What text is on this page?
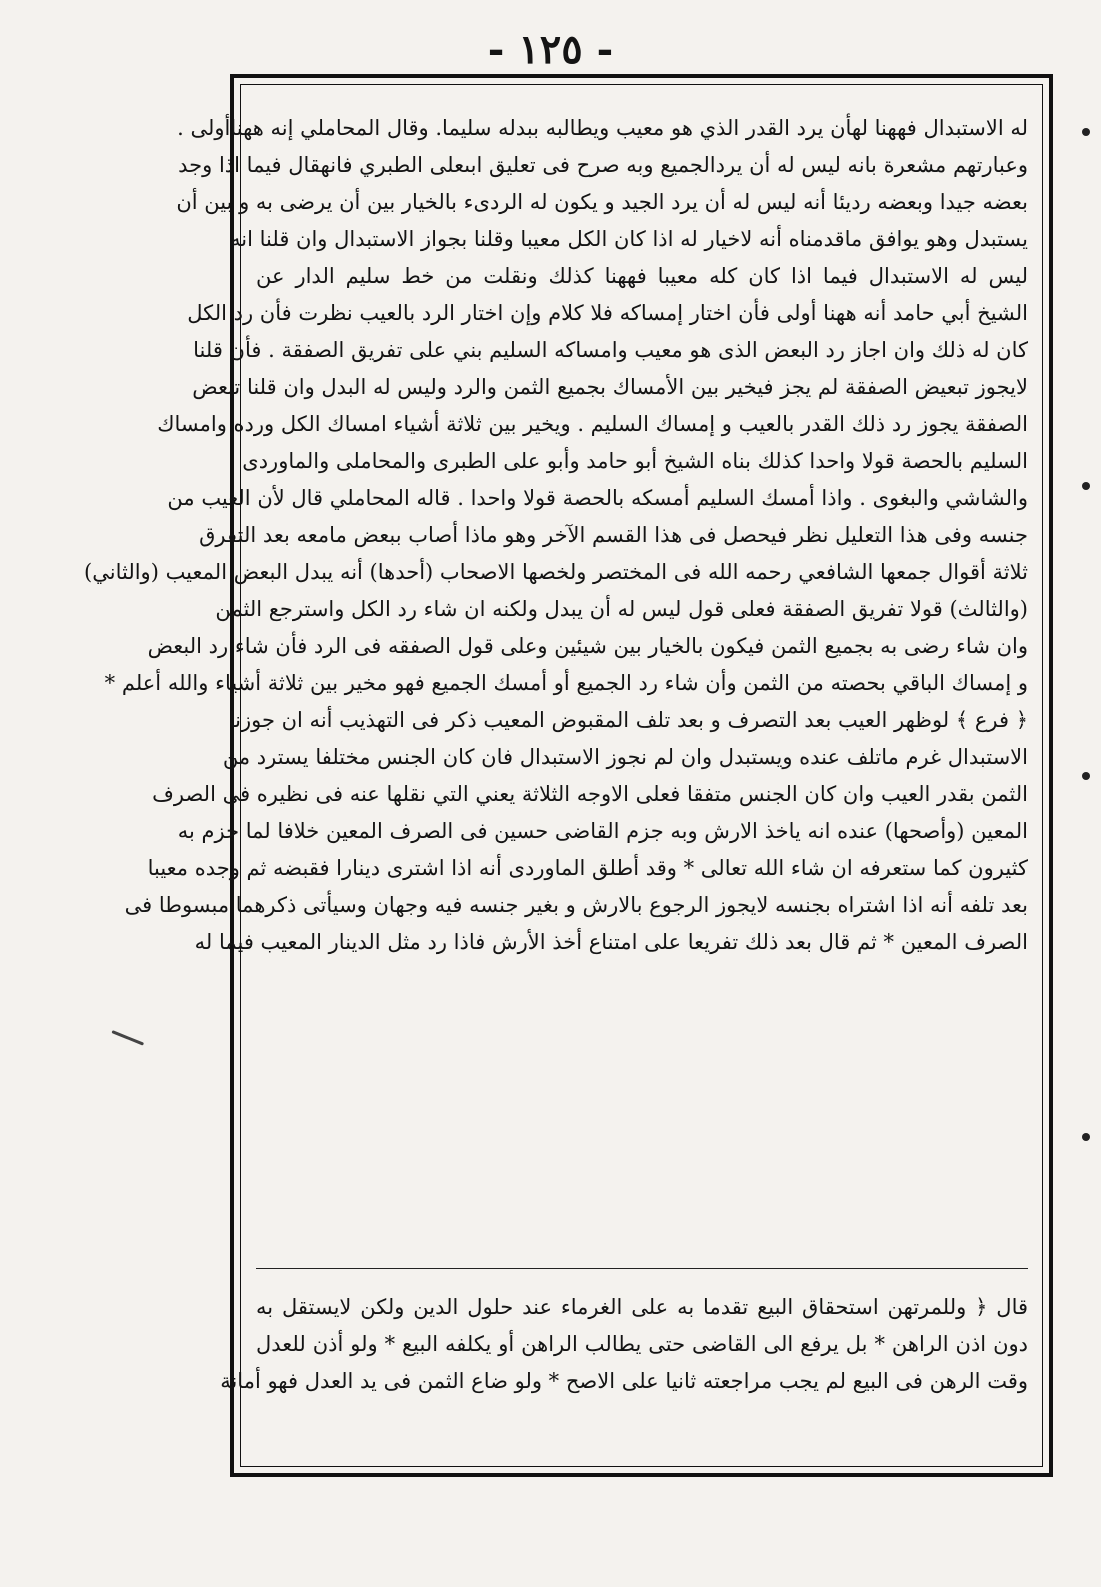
- ١٢٥ -
له الاستبدال فههنا لهأن يرد القدر الذي هو معيب ويطالبه ببدله سليما. وقال المحاملي إنه ههناأولى .
وعبارتهم مشعرة بانه ليس له أن يردالجميع وبه صرح فى تعليق ابىعلى الطبري فانهقال فيما اذا وجد
بعضه جيدا وبعضه رديئا أنه ليس له أن يرد الجيد و يكون له الردىء بالخيار بين أن يرضى به و بين أن
يستبدل وهو يوافق ماقدمناه أنه لاخيار له اذا كان الكل معيبا وقلنا بجواز الاستبدال وان قلنا انه
ليس له الاستبدال فيما اذا كان كله معيبا فههنا كذلك ونقلت من خط سليم الدار عن
الشيخ أبي حامد أنه ههنا أولى فأن اختار إمساكه فلا كلام وإن اختار الرد بالعيب نظرت فأن رد الكل
كان له ذلك وان اجاز رد البعض الذى هو معيب وامساكه السليم بني على تفريق الصفقة . فأن قلنا
لايجوز تبعيض الصفقة لم يجز فيخير بين الأمساك بجميع الثمن والرد وليس له البدل وان قلنا تبعض
الصفقة يجوز رد ذلك القدر بالعيب و إمساك السليم . ويخير بين ثلاثة أشياء امساك الكل ورده وامساك
السليم بالحصة قولا واحدا كذلك بناه الشيخ أبو حامد وأبو على الطبرى والمحاملى والماوردى
والشاشي والبغوى . واذا أمسك السليم أمسكه بالحصة قولا واحدا . قاله المحاملي قال لأن العيب من
جنسه وفى هذا التعليل نظر فيحصل فى هذا القسم الآخر وهو ماذا أصاب ببعض مامعه بعد التفرق
ثلاثة أقوال جمعها الشافعي رحمه الله فى المختصر ولخصها الاصحاب (أحدها) أنه يبدل البعض المعيب (والثاني)
(والثالث) قولا تفريق الصفقة فعلى قول ليس له أن يبدل ولكنه ان شاء رد الكل واسترجع الثمن
وان شاء رضى به بجميع الثمن فيكون بالخيار بين شيئين وعلى قول الصفقه فى الرد فأن شاء رد البعض
و إمساك الباقي بحصته من الثمن وأن شاء رد الجميع أو أمسك الجميع فهو مخير بين ثلاثة أشياء والله أعلم *
﴿ فرع ﴾ لوظهر العيب بعد التصرف و بعد تلف المقبوض المعيب ذكر فى التهذيب أنه ان جوزنا
الاستبدال غرم ماتلف عنده ويستبدل وان لم نجوز الاستبدال فان كان الجنس مختلفا يسترد من
الثمن بقدر العيب وان كان الجنس متفقا فعلى الاوجه الثلاثة يعني التي نقلها عنه فى نظيره فى الصرف
المعين (وأصحها) عنده انه ياخذ الارش وبه جزم القاضى حسين فى الصرف المعين خلافا لما جزم به
كثيرون كما ستعرفه ان شاء الله تعالى * وقد أطلق الماوردى أنه اذا اشترى دينارا فقبضه ثم وجده معيبا
بعد تلفه أنه اذا اشتراه بجنسه لايجوز الرجوع بالارش و بغير جنسه فيه وجهان وسيأتى ذكرهما مبسوطا فى
الصرف المعين * ثم قال بعد ذلك تفريعا على امتناع أخذ الأرش فاذا رد مثل الدينار المعيب فيما له
قال ﴿ وللمرتهن استحقاق البيع تقدما به على الغرماء عند حلول الدين ولكن لايستقل به
دون اذن الراهن * بل يرفع الى القاضى حتى يطالب الراهن أو يكلفه البيع * ولو أذن للعدل
وقت الرهن فى البيع لم يجب مراجعته ثانيا على الاصح * ولو ضاع الثمن فى يد العدل فهو أمانة
